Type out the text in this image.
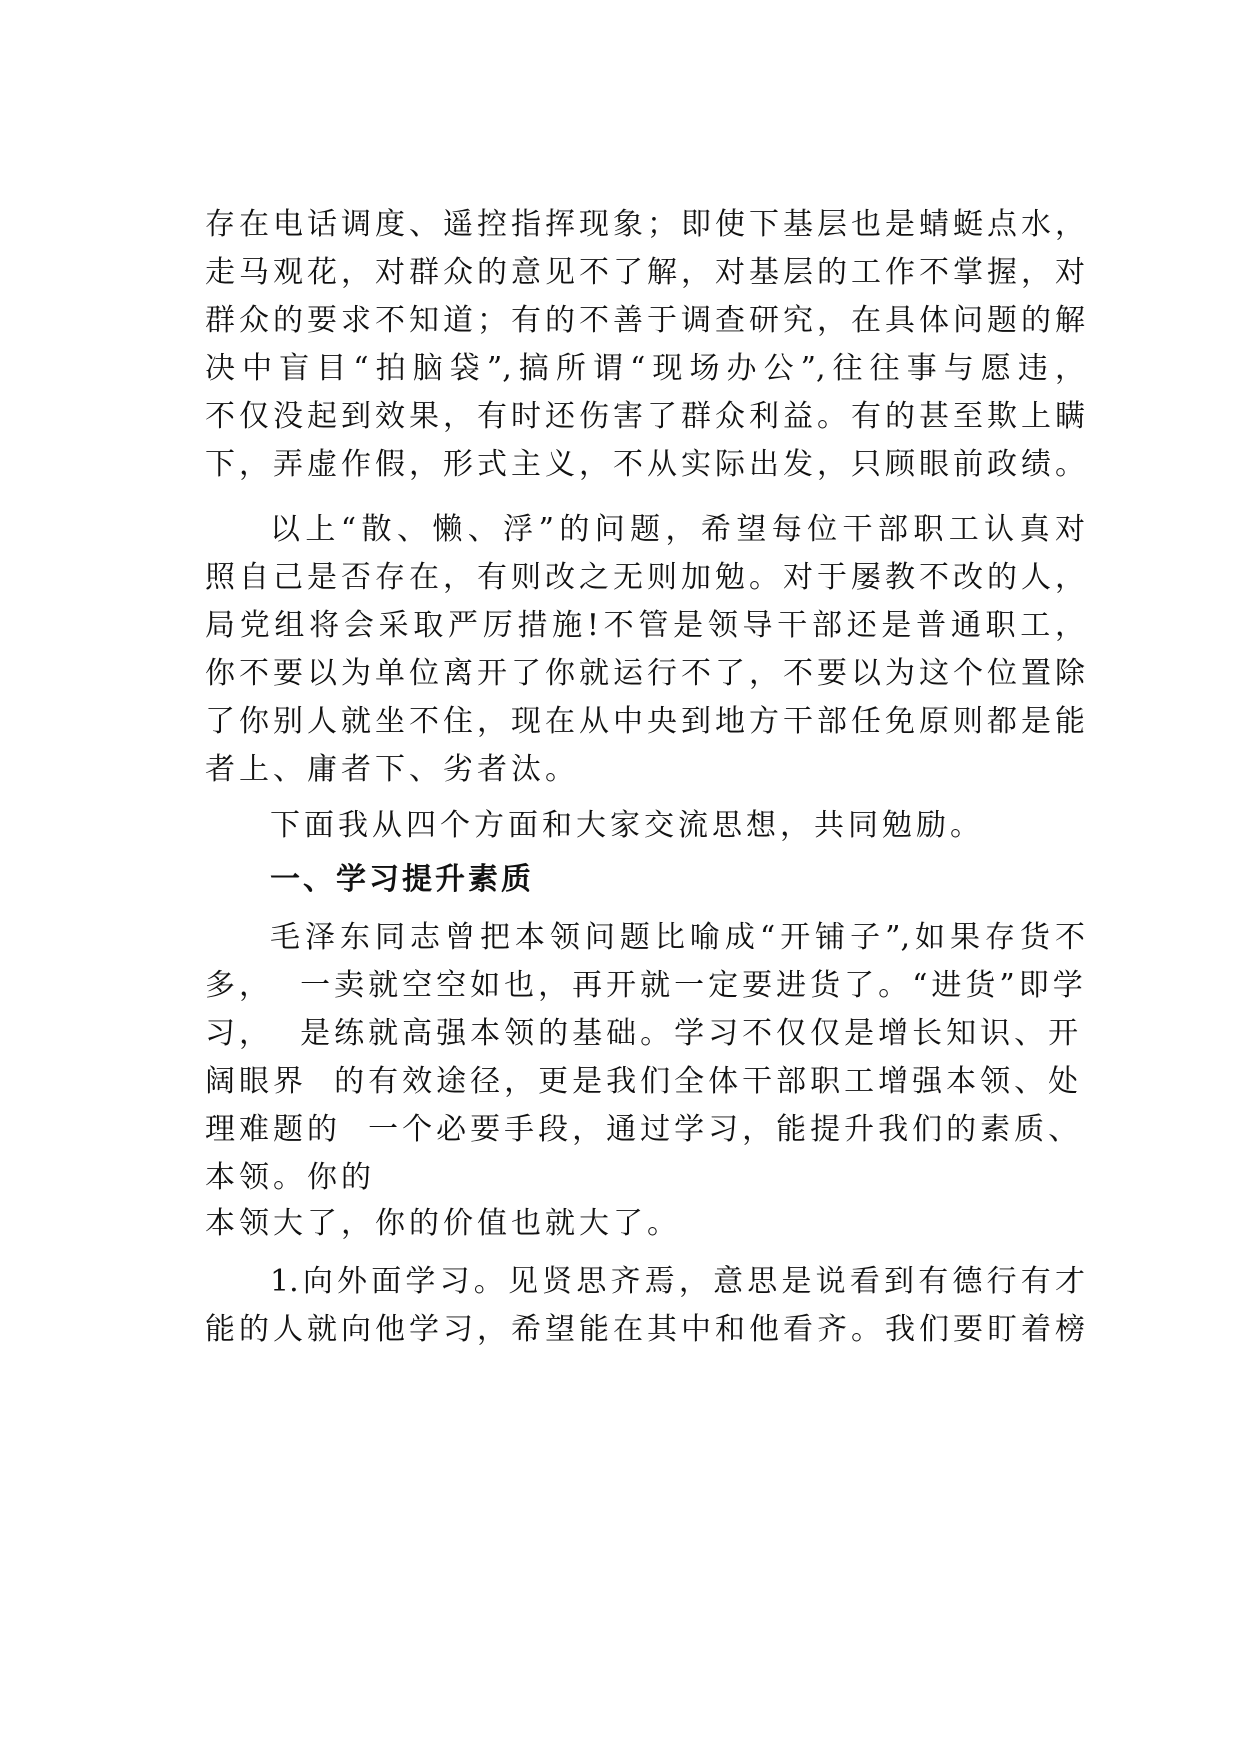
存在电话调度、遥控指挥现象；即使下基层也是蜻蜓点水，
走马观花，对群众的意见不了解，对基层的工作不掌握，对
群众的要求不知道；有的不善于调查研究，在具体问题的解
决中盲目“拍脑袋”,搞所谓“现场办公”,往往事与愿违，
不仅没起到效果，有时还伤害了群众利益。有的甚至欺上瞒
下，弄虚作假，形式主义，不从实际出发，只顾眼前政绩。
以上“散、懒、浮”的问题，希望每位干部职工认真对
照自己是否存在，有则改之无则加勉。对于屡教不改的人，
局党组将会采取严厉措施!不管是领导干部还是普通职工，
你不要以为单位离开了你就运行不了，不要以为这个位置除
了你别人就坐不住，现在从中央到地方干部任免原则都是能
者上、庸者下、劣者汰。
下面我从四个方面和大家交流思想，共同勉励。
一、学习提升素质
毛泽东同志曾把本领问题比喻成“开铺子”,如果存货不
多，  一卖就空空如也，再开就一定要进货了。“进货”即学
习，  是练就高强本领的基础。学习不仅仅是增长知识、开
阔眼界  的有效途径，更是我们全体干部职工增强本领、处
理难题的  一个必要手段，通过学习，能提升我们的素质、
本领。你的
本领大了，你的价值也就大了。
1.向外面学习。见贤思齐焉，意思是说看到有德行有才
能的人就向他学习，希望能在其中和他看齐。我们要盯着榜
